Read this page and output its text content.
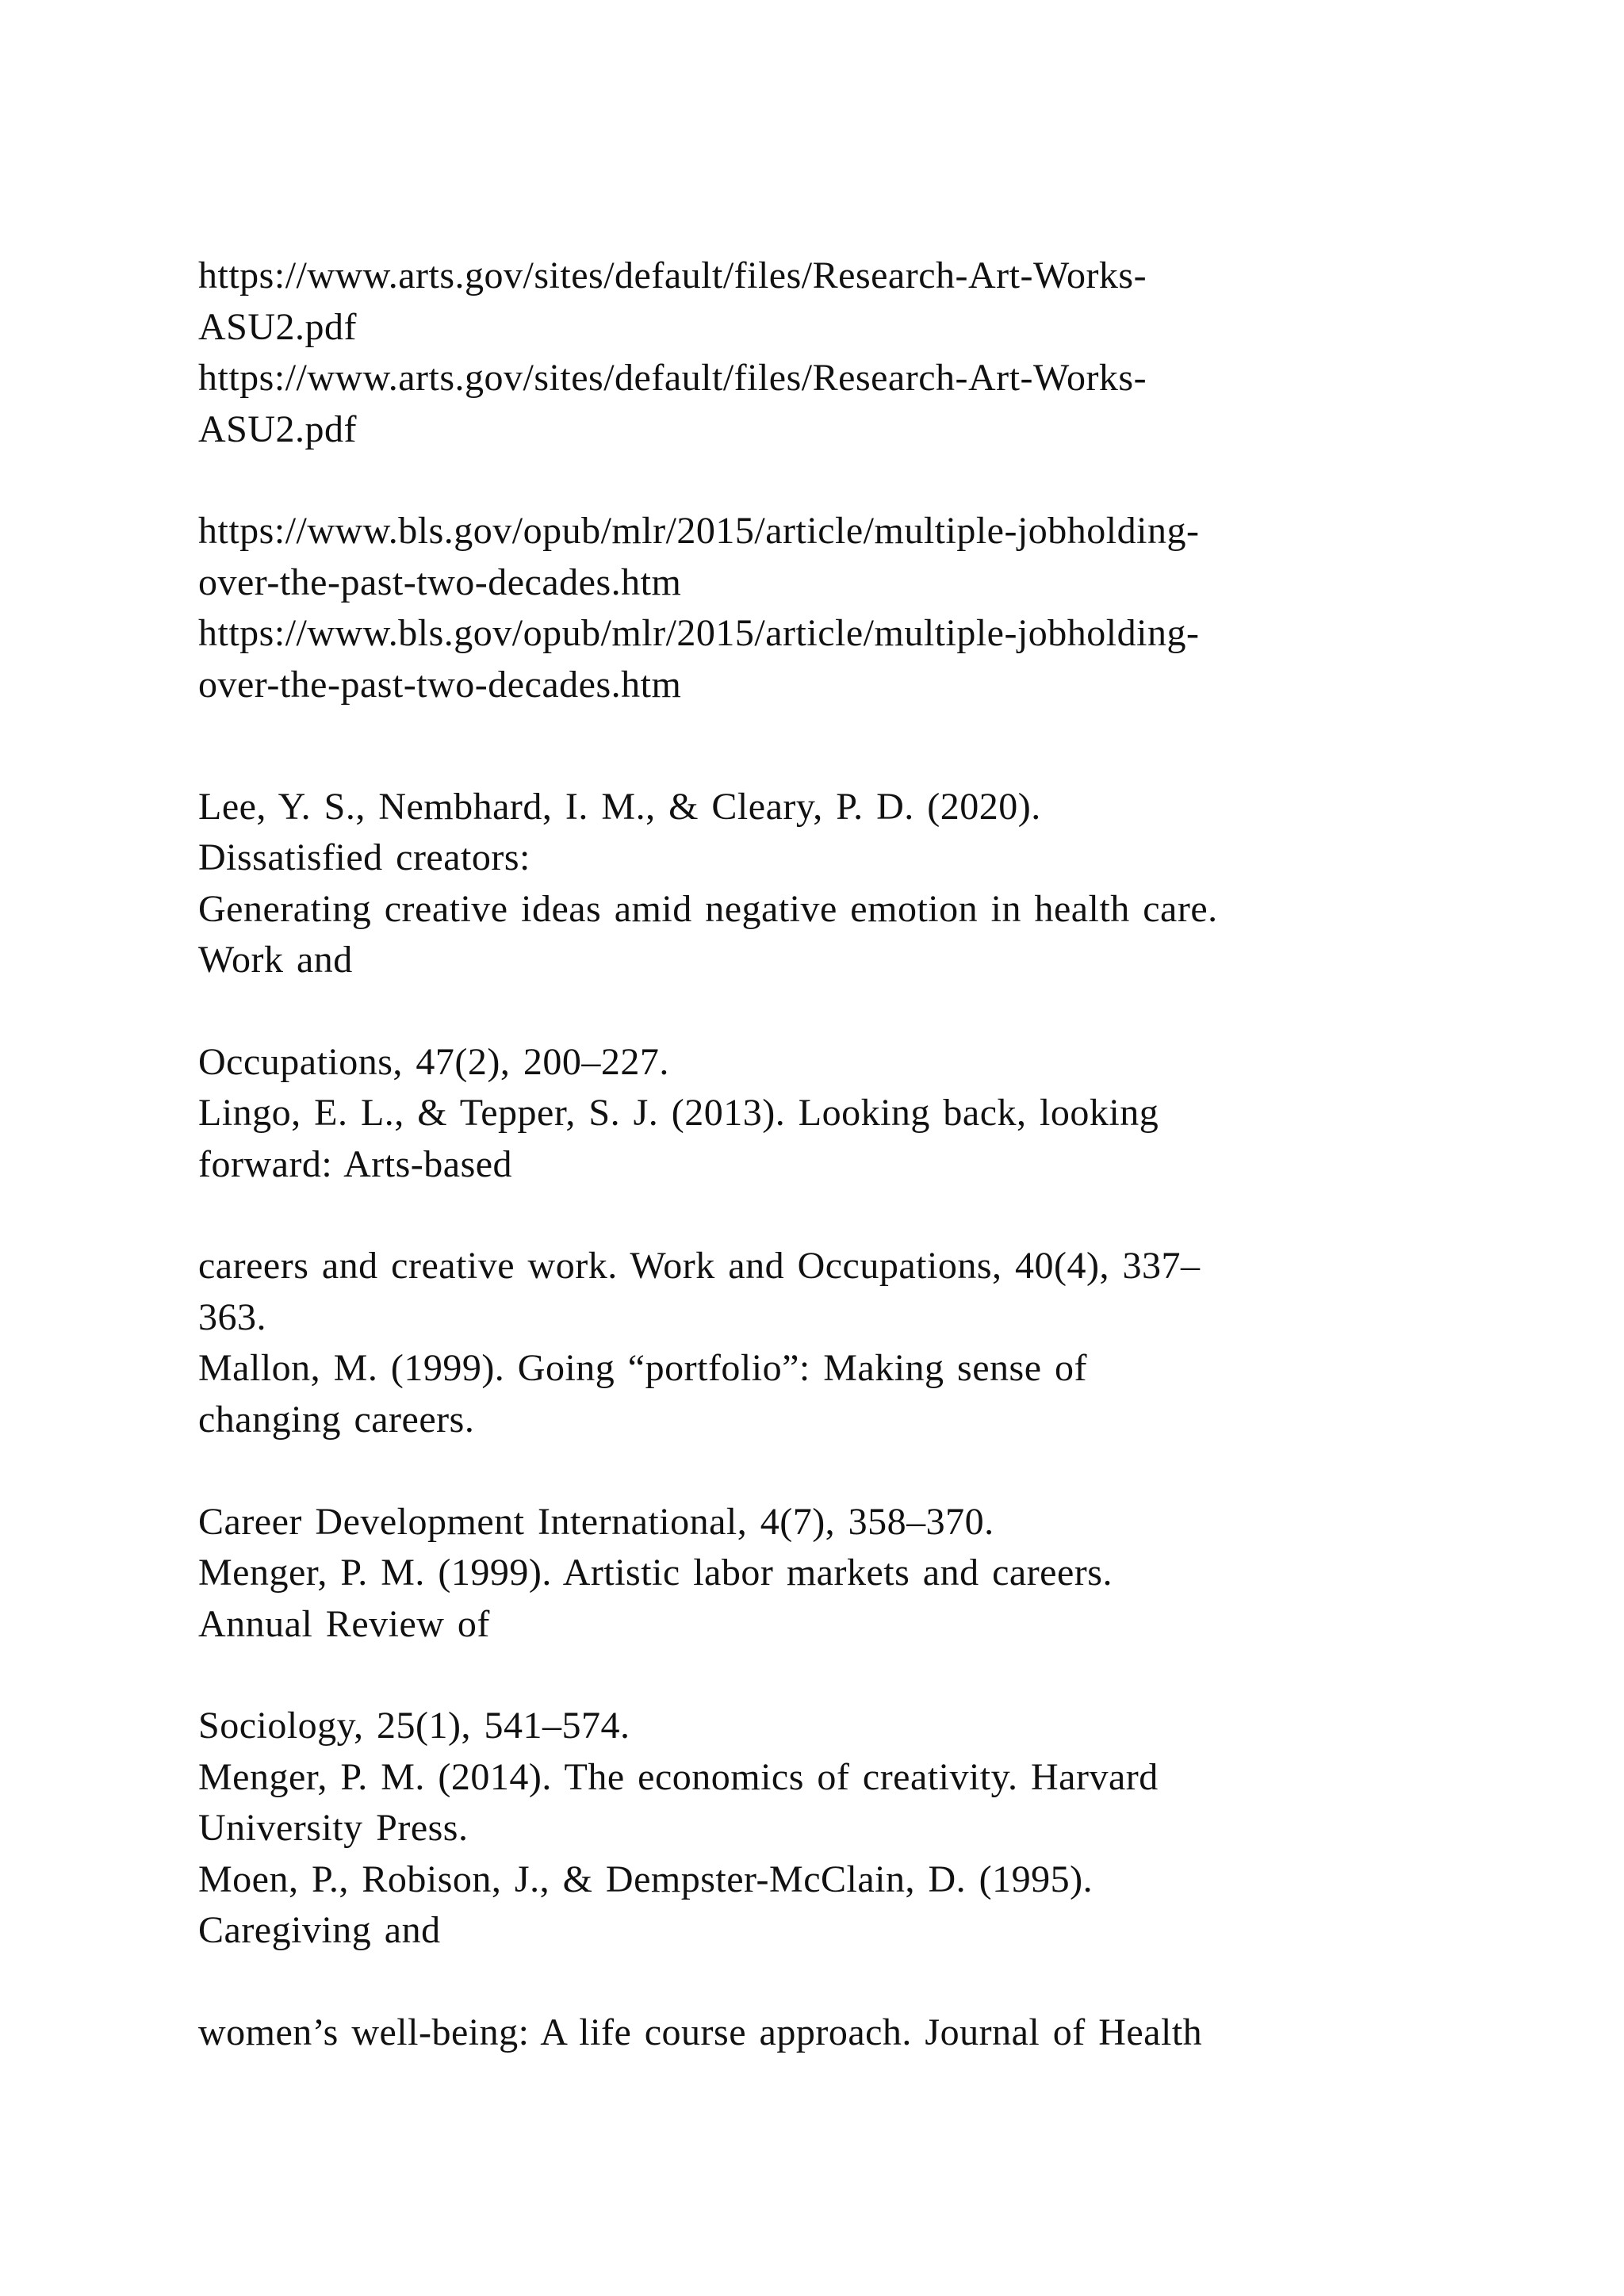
https://www.arts.gov/sites/default/files/Research-Art-Works-

ASU2.pdf

https://www.arts.gov/sites/default/files/Research-Art-Works-

ASU2.pdf

https://www.bls.gov/opub/mlr/2015/article/multiple-jobholding-

over-the-past-two-decades.htm

https://www.bls.gov/opub/mlr/2015/article/multiple-jobholding-

over-the-past-two-decades.htm

Lee, Y. S., Nembhard, I. M., & Cleary, P. D. (2020).

Dissatisfied creators:

Generating creative ideas amid negative emotion in health care.

Work and

Occupations, 47(2), 200–227.

Lingo, E. L., & Tepper, S. J. (2013). Looking back, looking

forward: Arts-based

careers and creative work. Work and Occupations, 40(4), 337–

363.

Mallon, M. (1999). Going “portfolio”: Making sense of

changing careers.

Career Development International, 4(7), 358–370.

Menger, P. M. (1999). Artistic labor markets and careers.

Annual Review of

Sociology, 25(1), 541–574.

Menger, P. M. (2014). The economics of creativity. Harvard

University Press.

Moen, P., Robison, J., & Dempster-McClain, D. (1995).

Caregiving and

women’s well-being: A life course approach. Journal of Health
